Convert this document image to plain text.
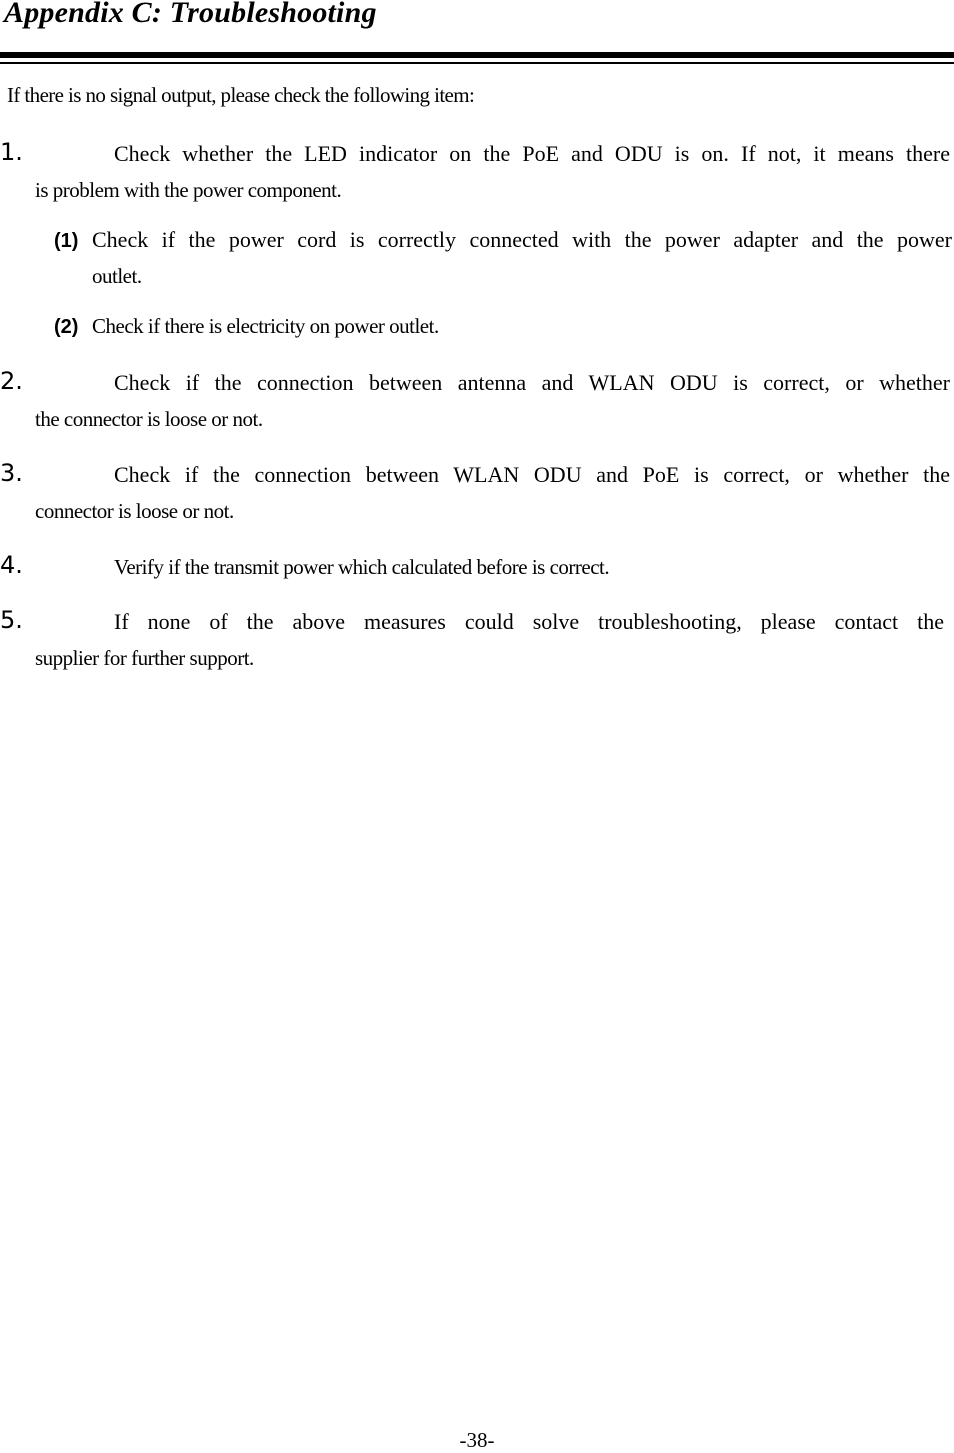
Appendix C: Troubleshooting
If there is no signal output, please check the following item:
1.	Check whether the LED indicator on the PoE and ODU is on. If not, it means there
is problem with the power component.
(1) Check if the power cord is correctly connected with the power adapter and the power
outlet.
(2) Check if there is electricity on power outlet.
2.	Check if the connection between antenna and WLAN ODU is correct, or whether
the connector is loose or not.
3.	Check if the connection between WLAN ODU and PoE is correct, or whether the
connector is loose or not.
4.	Verify if the transmit power which calculated before is correct.
5.	If none of the above measures could solve troubleshooting, please contact the
supplier for further support.
-38-
